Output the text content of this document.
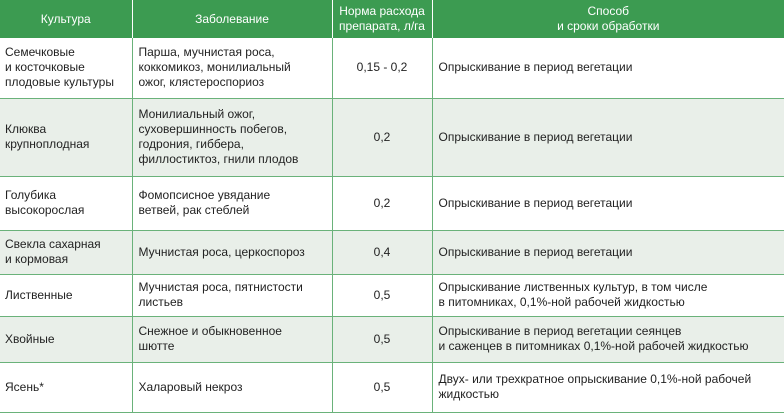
Культура	Заболевание	Норма расхода
препарата, л/га	Способ
и сроки обработки
Семечковые
и косточковые
плодовые культуры	Парша, мучнистая роса,
коккомикоз, монилиальный
ожог, клястероспориоз	0,15 - 0,2	Опрыскивание в период вегетации
Клюква
крупноплодная	Монилиальный ожог,
суховершинность побегов,
годрония, гиббера,
филлостиктоз, гнили плодов	0,2	Опрыскивание в период вегетации
Голубика
высокорослая	Фомопсисное увядание
ветвей, рак стеблей	0,2	Опрыскивание в период вегетации
Свекла сахарная
и кормовая	Мучнистая роса, церкоспороз	0,4	Опрыскивание в период вегетации
Лиственные	Мучнистая роса, пятнистости
листьев	0,5	Опрыскивание лиственных культур, в том числе
в питомниках, 0,1%-ной рабочей жидкостью
Хвойные	Снежное и обыкновенное
шютте	0,5	Опрыскивание в период вегетации сеянцев
и саженцев в питомниках 0,1%-ной рабочей жидкостью
Ясень*	Халаровый некроз	0,5	Двух- или трехкратное опрыскивание 0,1%-ной рабочей
жидкостью
